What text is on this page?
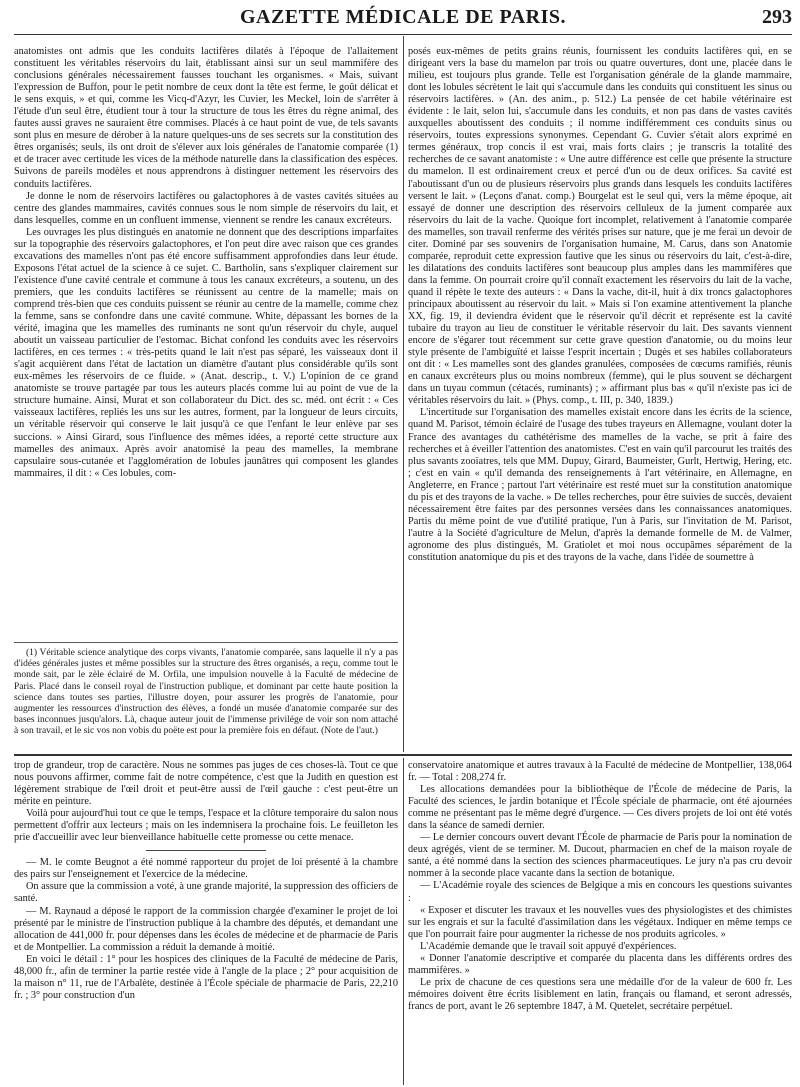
GAZETTE MÉDICALE DE PARIS.	293

anatomistes ont admis que les conduits lactifères dilatés à l'époque de l'allaitement constituent les véritables réservoirs du lait, établissant ainsi sur un seul mammifère des conclusions générales nécessairement fausses touchant les organismes. « Mais, suivant l'expression de Buffon, pour le petit nombre de ceux dont la tête est ferme, le goût délicat et le sens exquis, » et qui, comme les Vicq-d'Azyr, les Cuvier, les Meckel, loin de s'arrêter à l'étude d'un seul être, étudient tour à tour la structure de tous les êtres du règne animal, des fautes aussi graves ne sauraient être commises. Placés à ce haut point de vue, de tels savants sont plus en mesure de dérober à la nature quelques-uns de ses secrets sur la constitution des êtres organisés; seuls, ils ont droit de s'élever aux lois générales de l'anatomie comparée (1) et de tracer avec certitude les vices de la méthode naturelle dans la classification des espèces. Suivons de pareils modèles et nous apprendrons à distinguer nettement les réservoirs des conduits lactifères.

Je donne le nom de réservoirs lactifères ou galactophores à de vastes cavités situées au centre des glandes mammaires, cavités connues sous le nom simple de réservoirs du lait, et dans lesquelles, comme en un confluent immense, viennent se rendre les canaux excréteurs.

Les ouvrages les plus distingués en anatomie ne donnent que des descriptions imparfaites sur la topographie des réservoirs galactophores, et l'on peut dire avec raison que ces grandes excavations des mamelles n'ont pas été encore suffisamment approfondies dans leur étude. Exposons l'état actuel de la science à ce sujet. C. Bartholin, sans s'expliquer clairement sur l'existence d'une cavité centrale et commune à tous les canaux excréteurs, a soutenu, un des premiers, que les conduits lactifères se réunissent au centre de la mamelle; mais on comprend très-bien que ces conduits puissent se réunir au centre de la mamelle, comme chez la femme, sans se confondre dans une cavité commune. White, dépassant les bornes de la vérité, imagina que les mamelles des ruminants ne sont qu'un réservoir du chyle, auquel aboutit un vaisseau particulier de l'estomac. Bichat confond les conduits avec les réservoirs lactifères, en ces termes : « très-petits quand le lait n'est pas séparé, les vaisseaux dont il s'agit acquièrent dans l'état de lactation un diamètre d'autant plus considérable qu'ils sont eux-mêmes les réservoirs de ce fluide. » (Anat. descrip., t. V.) L'opinion de ce grand anatomiste se trouve partagée par tous les auteurs placés comme lui au point de vue de la structure humaine. Ainsi, Murat et son collaborateur du Dict. des sc. méd. ont écrit : « Ces vaisseaux lactifères, repliés les uns sur les autres, forment, par la longueur de leurs circuits, un véritable réservoir qui conserve le lait jusqu'à ce que l'enfant le leur enlève par ses succions. » Ainsi Girard, sous l'influence des mêmes idées, a reporté cette structure aux mamelles des animaux. Après avoir anatomisé la peau des mamelles, la membrane capsulaire sous-cutanée et l'agglomération de lobules jaunâtres qui composent les glandes mammaires, il dit : « Ces lobules, com-

(1) Véritable science analytique des corps vivants, l'anatomie comparée, sans laquelle il n'y a pas d'idées générales justes et même possibles sur la structure des êtres organisés, a reçu, comme tout le monde sait, par le zèle éclairé de M. Orfila, une impulsion nouvelle à la Faculté de médecine de Paris. Placé dans le conseil royal de l'instruction publique, et dominant par cette haute position la science dans toutes ses parties, l'illustre doyen, pour assurer les progrès de l'anatomie, pour augmenter les ressources d'instruction des élèves, a fondé un musée d'anatomie comparée sur des bases inconnues jusqu'alors. Là, chaque auteur jouit de l'immense privilége de voir son nom attaché à son travail, et le sic vos non vobis du poëte est pour la première fois en défaut. (Note de l'aut.)

posés eux-mêmes de petits grains réunis, fournissent les conduits lactifères qui, en se dirigeant vers la base du mamelon par trois ou quatre ouvertures, dont une, placée dans le milieu, est toujours plus grande. Telle est l'organisation générale de la glande mammaire, dont les lobules sécrètent le lait qui s'accumule dans les conduits qui constituent les sinus ou réservoirs lactifères. » (An. des anim., p. 512.) La pensée de cet habile vétérinaire est évidente : le lait, selon lui, s'accumule dans les conduits, et non pas dans de vastes cavités auxquelles aboutissent des conduits ; il nomme indifféremment ces conduits sinus ou réservoirs, toutes expressions synonymes. Cependant G. Cuvier s'était alors exprimé en termes généraux, trop concis il est vrai, mais forts clairs ; je transcris la totalité des recherches de ce savant anatomiste : « Une autre différence est celle que présente la structure du mamelon. Il est ordinairement creux et percé d'un ou de deux orifices. Sa cavité est l'aboutissant d'un ou de plusieurs réservoirs plus grands dans lesquels les conduits lactifères versent le lait. » (Leçons d'anat. comp.) Bourgelat est le seul qui, vers la même époque, ait essayé de donner une description des réservoirs celluleux de la jument comparée aux réservoirs du lait de la vache. Quoique fort incomplet, relativement à l'anatomie comparée des mamelles, son travail renferme des vérités prises sur nature, que je me ferai un devoir de citer. Dominé par ses souvenirs de l'organisation humaine, M. Carus, dans son Anatomie comparée, reproduit cette expression fautive que les sinus ou réservoirs du lait, c'est-à-dire, les dilatations des conduits lactifères sont beaucoup plus amples dans les mammifères que dans la femme. On pourrait croire qu'il connaît exactement les réservoirs du lait de la vache, quand il répète le texte des auteurs : « Dans la vache, dit-il, huit à dix troncs galactophores principaux aboutissent au réservoir du lait. » Mais si l'on examine attentivement la planche XX, fig. 19, il deviendra évident que le réservoir qu'il décrit et représente est la cavité tubaire du trayon au lieu de constituer le véritable réservoir du lait. Des savants viennent encore de s'égarer tout récemment sur cette grave question d'anatomie, ou du moins leur style présente de l'ambiguïté et laisse l'esprit incertain ; Dugès et ses habiles collaborateurs ont dit : « Les mamelles sont des glandes granulées, composées de cœcums ramifiés, réunis en canaux excréteurs plus ou moins nombreux (femme), qui le plus souvent se déchargent dans un tuyau commun (cétacés, ruminants) ; » affirmant plus bas « qu'il n'existe pas ici de véritables réservoirs du lait. » (Phys. comp., t. III, p. 340, 1839.)

L'incertitude sur l'organisation des mamelles existait encore dans les écrits de la science, quand M. Parisot, témoin éclairé de l'usage des tubes trayeurs en Allemagne, voulant doter la France des avantages du cathétérisme des mamelles de la vache, se prit à faire des recherches et à éveiller l'attention des anatomistes. C'est en vain qu'il parcourut les traités des plus savants zooïatres, tels que MM. Dupuy, Girard, Baumeister, Gurlt, Hertwig, Hering, etc. ; c'est en vain « qu'il demanda des renseignements à l'art vétérinaire, en Allemagne, en Angleterre, en France ; partout l'art vétérinaire est resté muet sur la constitution anatomique du pis et des trayons de la vache. » De telles recherches, pour être suivies de succès, devaient nécessairement être faites par des personnes versées dans les connaissances anatomiques. Partis du même point de vue d'utilité pratique, l'un à Paris, sur l'invitation de M. Parisot, l'autre à la Société d'agriculture de Melun, d'après la demande formelle de M. de Valmer, agronome des plus distingués, M. Gratiolet et moi nous occupâmes séparément de la constitution anatomique du pis et des trayons de la vache, dans l'idée de soumettre à

trop de grandeur, trop de caractère. Nous ne sommes pas juges de ces choses-là. Tout ce que nous pouvons affirmer, comme fait de notre compétence, c'est que la Judith en question est légèrement strabique de l'œil droit et peut-être aussi de l'œil gauche : c'est peut-être un mérite en peinture.

Voilà pour aujourd'hui tout ce que le temps, l'espace et la clôture temporaire du salon nous permettent d'offrir aux lecteurs ; mais on les indemnisera la prochaine fois. Le feuilleton les prie d'accueillir avec leur bienveillance habituelle cette promesse ou cette menace.

— M. le comte Beugnot a été nommé rapporteur du projet de loi présenté à la chambre des pairs sur l'enseignement et l'exercice de la médecine.

On assure que la commission a voté, à une grande majorité, la suppression des officiers de santé.

— M. Raynaud a déposé le rapport de la commission chargée d'examiner le projet de loi présenté par le ministre de l'instruction publique à la chambre des députés, et demandant une allocation de 441,000 fr. pour dépenses dans les écoles de médecine et de pharmacie de Paris et de Montpellier. La commission a réduit la demande à moitié.

En voici le détail : 1° pour les hospices des cliniques de la Faculté de médecine de Paris, 48,000 fr., afin de terminer la partie restée vide à l'angle de la place ; 2° pour acquisition de la maison n° 11, rue de l'Arbalète, destinée à l'École spéciale de pharmacie de Paris, 22,210 fr. ; 3° pour construction d'un

conservatoire anatomique et autres travaux à la Faculté de médecine de Montpellier, 138,064 fr. — Total : 208,274 fr.

Les allocations demandées pour la bibliothèque de l'École de médecine de Paris, la Faculté des sciences, le jardin botanique et l'École spéciale de pharmacie, ont été ajournées comme ne présentant pas le même degré d'urgence. — Ces divers projets de loi ont été votés dans la séance de samedi dernier.

— Le dernier concours ouvert devant l'École de pharmacie de Paris pour la nomination de deux agrégés, vient de se terminer. M. Ducout, pharmacien en chef de la maison royale de santé, a été nommé dans la section des sciences pharmaceutiques. Le jury n'a pas cru devoir nommer à la seconde place vacante dans la section de botanique.

— L'Académie royale des sciences de Belgique a mis en concours les questions suivantes :

« Exposer et discuter les travaux et les nouvelles vues des physiologistes et des chimistes sur les engrais et sur la faculté d'assimilation dans les végétaux. Indiquer en même temps ce que l'on pourrait faire pour augmenter la richesse de nos produits agricoles. »

L'Académie demande que le travail soit appuyé d'expériences.

« Donner l'anatomie descriptive et comparée du placenta dans les différents ordres des mammifères. »

Le prix de chacune de ces questions sera une médaille d'or de la valeur de 600 fr. Les mémoires doivent être écrits lisiblement en latin, français ou flamand, et seront adressés, francs de port, avant le 26 septembre 1847, à M. Quetelet, secrétaire perpétuel.
